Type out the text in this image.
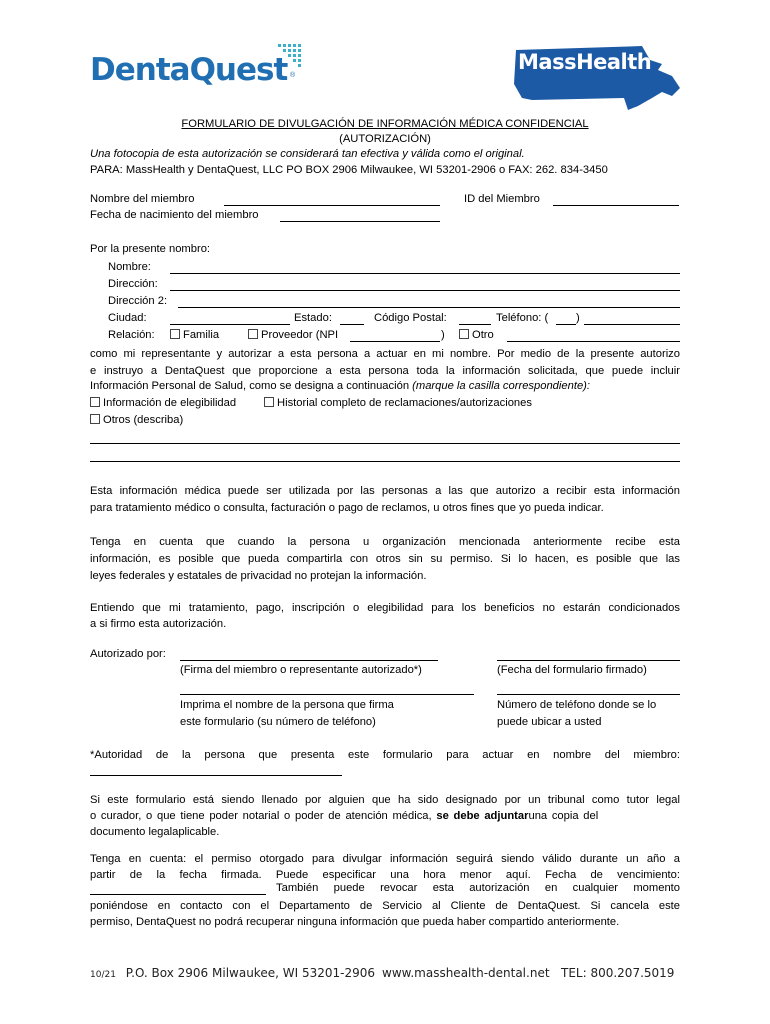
DentaQuest ®
MassHealth
FORMULARIO DE DIVULGACIÓN DE INFORMACIÓN MÉDICA CONFIDENCIAL
(AUTORIZACIÓN)
Una fotocopia de esta autorización se considerará tan efectiva y válida como el original.
PARA: MassHealth y DentaQuest, LLC PO BOX 2906 Milwaukee, WI 53201-2906 o FAX: 262. 834-3450
Nombre del miembro	ID del Miembro
Fecha de nacimiento del miembro
Por la presente nombro:
Nombre:
Dirección:
Dirección 2:
Ciudad:	Estado:	Código Postal:	Teléfono: ( )
Relación:	Familia	Proveedor (NPI	)	Otro
como mi representante y autorizar a esta persona a actuar en mi nombre. Por medio de la presente autorizo
e instruyo a DentaQuest que proporcione a esta persona toda la información solicitada, que puede incluir
Información Personal de Salud, como se designa a continuación (marque la casilla correspondiente):
Información de elegibilidad	Historial completo de reclamaciones/autorizaciones
Otros (describa)
Esta información médica puede ser utilizada por las personas a las que autorizo a recibir esta información
para tratamiento médico o consulta, facturación o pago de reclamos, u otros fines que yo pueda indicar.
Tenga en cuenta que cuando la persona u organización mencionada anteriormente recibe esta
información, es posible que pueda compartirla con otros sin su permiso. Si lo hacen, es posible que las
leyes federales y estatales de privacidad no protejan la información.
Entiendo que mi tratamiento, pago, inscripción o elegibilidad para los beneficios no estarán condicionados
a si firmo esta autorización.
Autorizado por:
(Firma del miembro o representante autorizado*)	(Fecha del formulario firmado)
Imprima el nombre de la persona que firma
este formulario (su número de teléfono)
Número de teléfono donde se lo
puede ubicar a usted
*Autoridad de la persona que presenta este formulario para actuar en nombre del miembro:
Si este formulario está siendo llenado por alguien que ha sido designado por un tribunal como tutor legal
o curador, o que tiene poder notarial o poder de atención médica, se debe adjuntaruna copia del
documento legalaplicable.
Tenga en cuenta: el permiso otorgado para divulgar información seguirá siendo válido durante un año a
partir de la fecha firmada. Puede especificar una hora menor aquí. Fecha de vencimiento:
También puede revocar esta autorización en cualquier momento
poniéndose en contacto con el Departamento de Servicio al Cliente de DentaQuest. Si cancela este
permiso, DentaQuest no podrá recuperar ninguna información que pueda haber compartido anteriormente.
10/21 P.O. Box 2906 Milwaukee, WI 53201-2906 www.masshealth-dental.net TEL: 800.207.5019
